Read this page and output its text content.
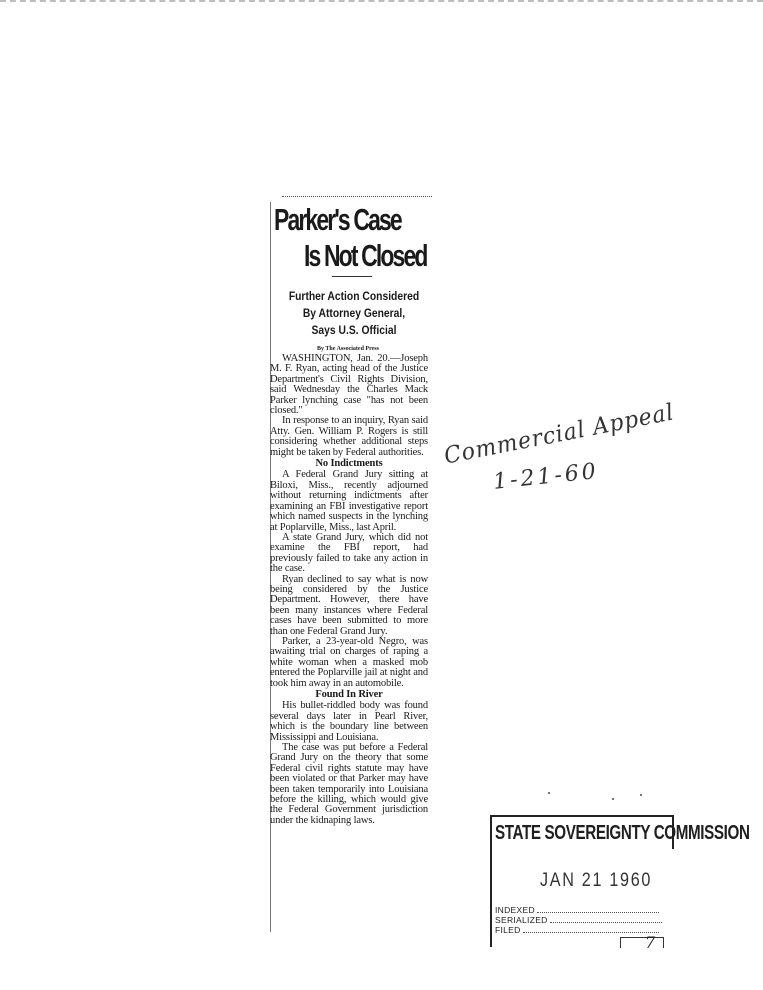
Parker's Case
Is Not Closed
Further Action Considered
By Attorney General,
Says U.S. Official
By The Associated Press

WASHINGTON, Jan. 20.—Joseph M. F. Ryan, acting head of the Justice Department's Civil Rights Division, said Wednesday the Charles Mack Parker lynching case "has not been closed."

In response to an inquiry, Ryan said Atty. Gen. William P. Rogers is still considering whether additional steps might be taken by Federal authorities.

No Indictments

A Federal Grand Jury sitting at Biloxi, Miss., recently adjourned without returning indictments after examining an FBI investigative report which named suspects in the lynching at Poplarville, Miss., last April.

A state Grand Jury, which did not examine the FBI report, had previously failed to take any action in the case.

Ryan declined to say what is now being considered by the Justice Department. However, there have been many instances where Federal cases have been submitted to more than one Federal Grand Jury.

Parker, a 23-year-old Negro, was awaiting trial on charges of raping a white woman when a masked mob entered the Poplarville jail at night and took him away in an automobile.

Found In River

His bullet-riddled body was found several days later in Pearl River, which is the boundary line between Mississippi and Louisiana.

The case was put before a Federal Grand Jury on the theory that some Federal civil rights statute may have been violated or that Parker may have been taken temporarily into Louisiana before the killing, which would give the Federal Government jurisdiction under the kidnaping laws.

Commercial Appeal
1-21-60
STATE SOVEREIGNTY COMMISSION
JAN 21 1960
INDEXED
SERIALIZED
FILED
7
